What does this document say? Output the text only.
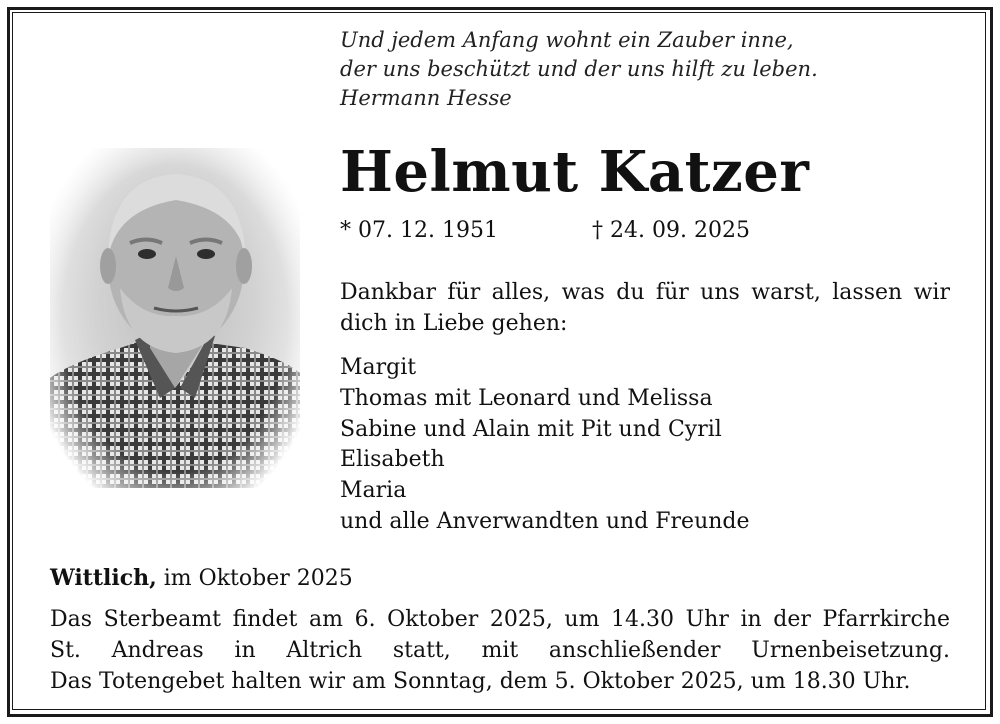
Und jedem Anfang wohnt ein Zauber inne,
der uns beschützt und der uns hilft zu leben.
Hermann Hesse
Helmut Katzer
* 07. 12. 1951	† 24. 09. 2025
Dankbar für alles, was du für uns warst, lassen wir dich in Liebe gehen:
Margit
Thomas mit Leonard und Melissa
Sabine und Alain mit Pit und Cyril
Elisabeth
Maria
und alle Anverwandten und Freunde
Wittlich, im Oktober 2025
Das Sterbeamt findet am 6. Oktober 2025, um 14.30 Uhr in der Pfarrkirche
St. Andreas in Altrich statt, mit anschließender Urnenbeisetzung.
Das Totengebet halten wir am Sonntag, dem 5. Oktober 2025, um 18.30 Uhr.
